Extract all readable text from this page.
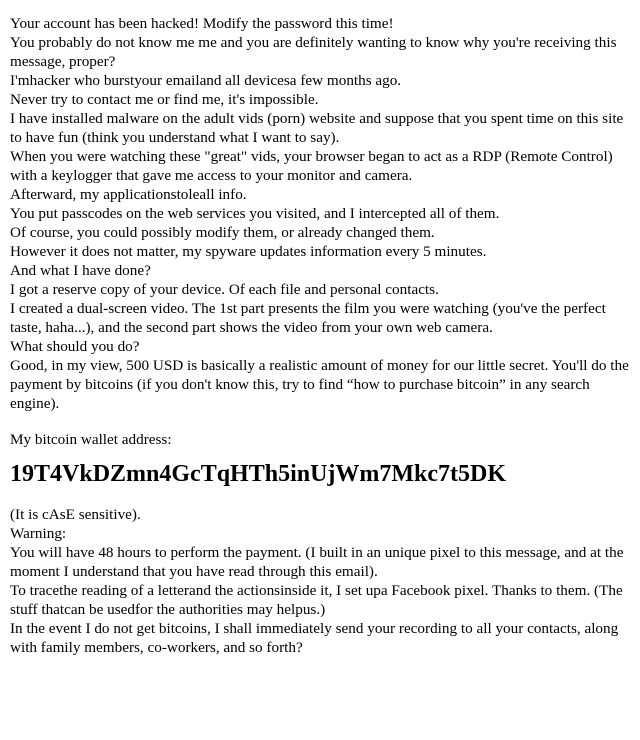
Your account has been hacked! Modify the password this time!

You probably do not know me me and you are definitely wanting to know why you're receiving this message, proper?

I'mhacker who burstyour emailand all devicesa few months ago.

Never try to contact me or find me, it's impossible.

I have installed malware on the adult vids (porn) website and suppose that you spent time on this site to have fun (think you understand what I want to say).

When you were watching these "great" vids, your browser began to act as a RDP (Remote Control) with a keylogger that gave me access to your monitor and camera.

Afterward, my applicationstoleall info.

You put passcodes on the web services you visited, and I intercepted all of them.

Of course, you could possibly modify them, or already changed them.

However it does not matter, my spyware updates information every 5 minutes.

And what I have done?

I got a reserve copy of your device. Of each file and personal contacts.

I created a dual-screen video. The 1st part presents the film you were watching (you've the perfect taste, haha...), and the second part shows the video from your own web camera.

What should you do?

Good, in my view, 500 USD is basically a realistic amount of money for our little secret. You'll do the payment by bitcoins (if you don't know this, try to find “how to purchase bitcoin” in any search engine).

My bitcoin wallet address:

19T4VkDZmn4GcTqHTh5inUjWm7Mkc7t5DK

(It is cAsE sensitive).

Warning:

You will have 48 hours to perform the payment. (I built in an unique pixel to this message, and at the moment I understand that you have read through this email).

To tracethe reading of a letterand the actionsinside it, I set upa Facebook pixel. Thanks to them. (The stuff thatcan be usedfor the authorities may helpus.)

In the event I do not get bitcoins, I shall immediately send your recording to all your contacts, along with family members, co-workers, and so forth?
